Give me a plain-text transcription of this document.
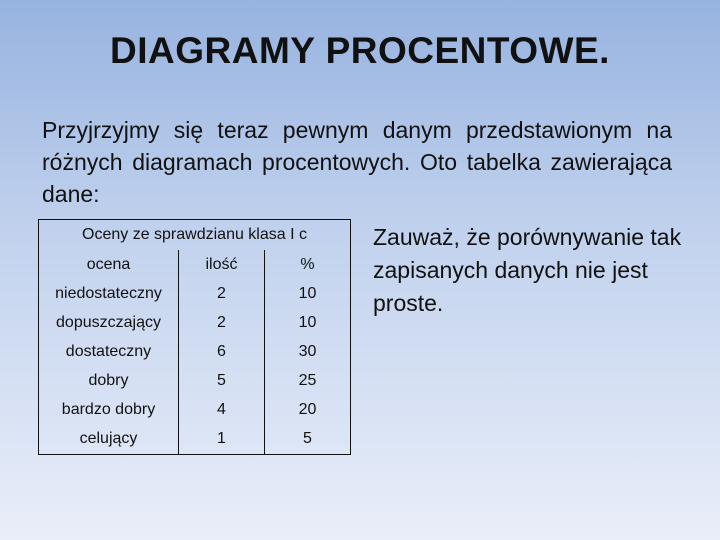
DIAGRAMY PROCENTOWE.
Przyjrzyjmy się teraz pewnym danym przedstawionym na różnych diagramach procentowych. Oto tabelka zawierająca dane:
Oceny ze sprawdzianu klasa I c		
ocena	ilość	%
niedostateczny	2	10
dopuszczający	2	10
dostateczny	6	30
dobry	5	25
bardzo dobry	4	20
celujący	1	5
Zauważ, że porównywanie tak zapisanych danych nie jest proste.
